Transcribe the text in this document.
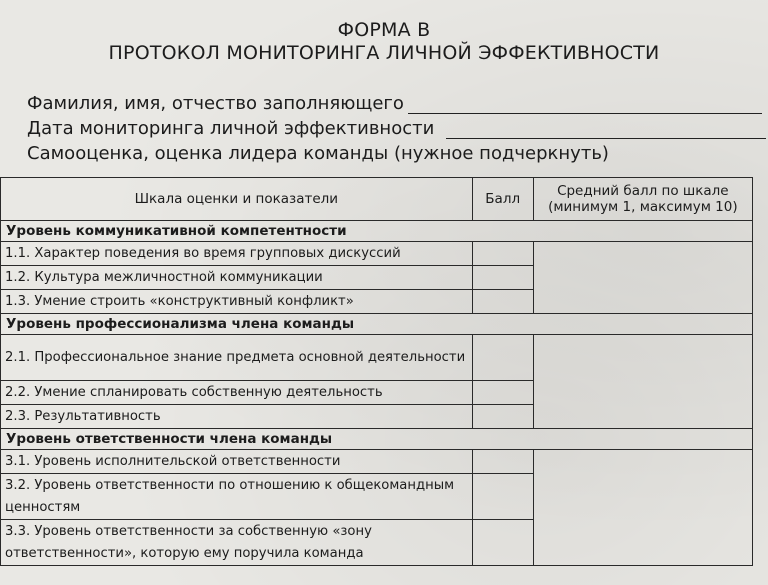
ФОРМА В
ПРОТОКОЛ МОНИТОРИНГА ЛИЧНОЙ ЭФФЕКТИВНОСТИ
Фамилия, имя, отчество заполняющего
Дата мониторинга личной эффективности
Самооценка, оценка лидера команды
(нужное подчеркнуть)
Шкала оценки и показатели	Балл	Средний балл по шкале
(минимум 1, максимум 10)

Уровень коммуникативной компетентности		
1.1. Характер поведения во время групповых дискуссий		
1.2. Культура межличностной коммуникации		
1.3. Умение строить «конструктивный конфликт»		
Уровень профессионализма члена команды		
2.1. Профессиональное знание предмета основной деятельности		
2.2. Умение спланировать собственную деятельность		
2.3. Результативность		
Уровень ответственности члена команды		
3.1. Уровень исполнительской ответственности		
3.2. Уровень ответственности по отношению к общекомандным ценностям		
3.3. Уровень ответственности за собственную «зону ответственности», которую ему поручила команда		
